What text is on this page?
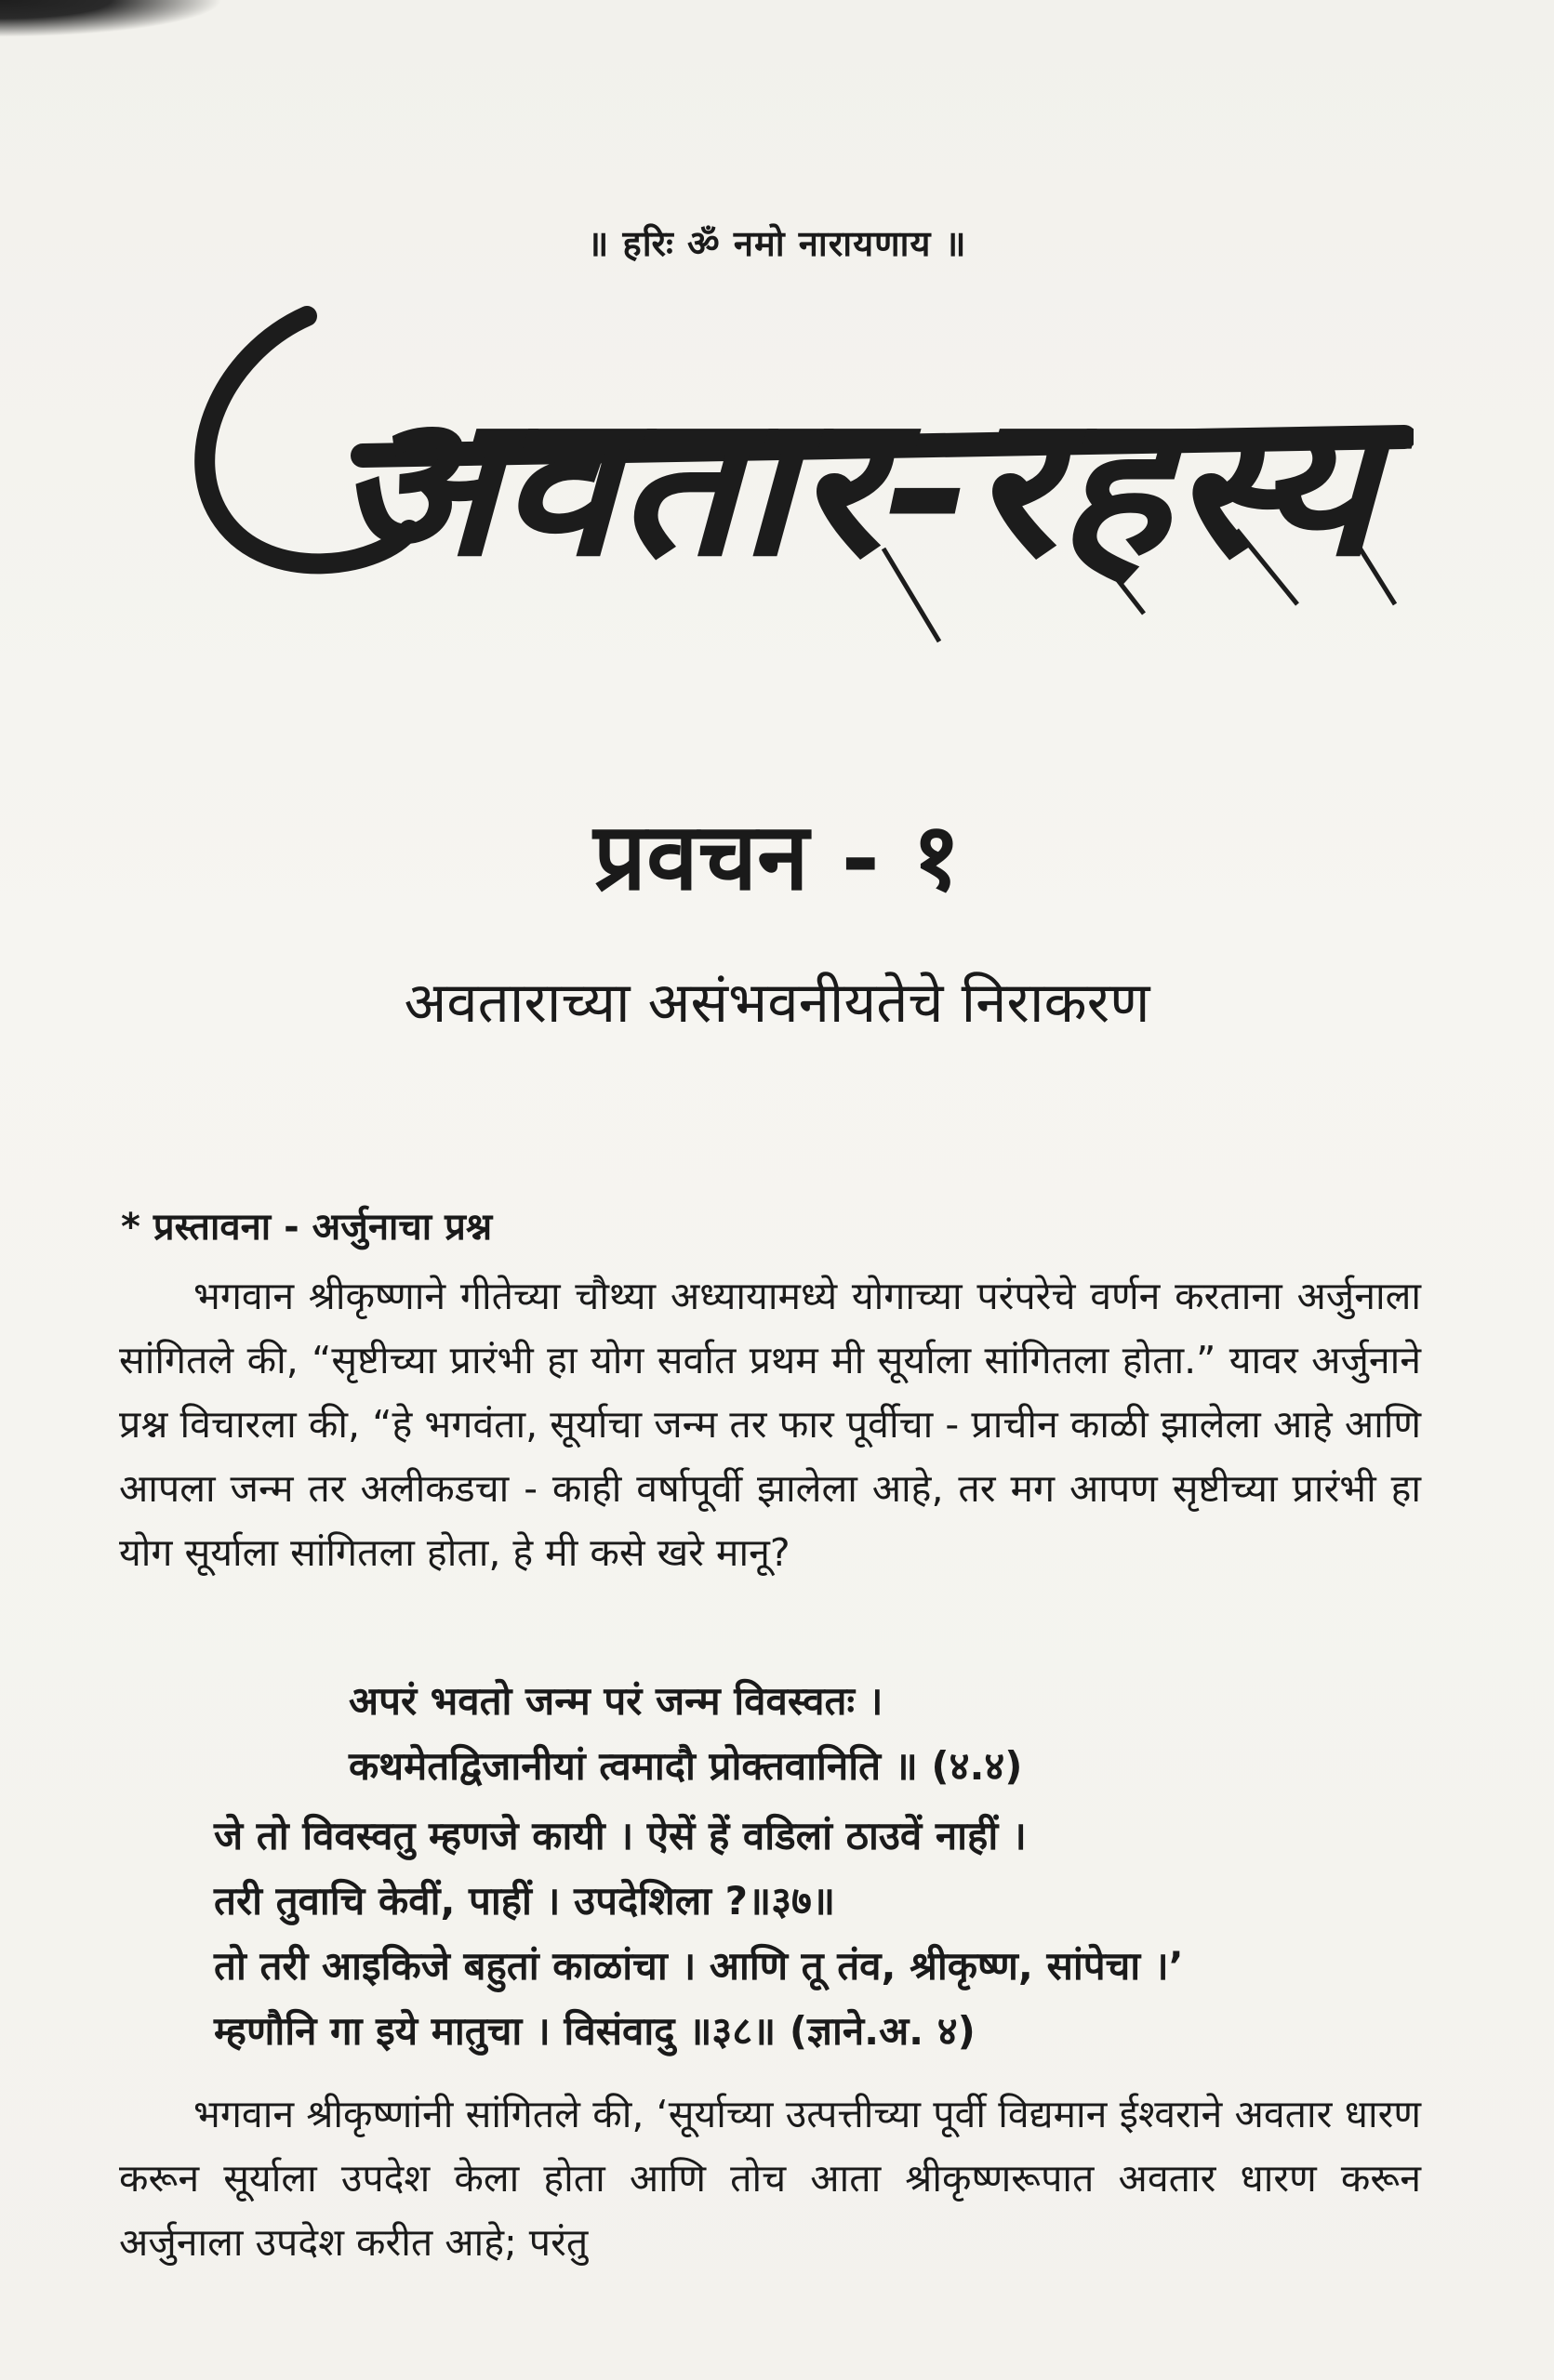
॥ हरिः ॐ नमो नारायणाय ॥
अवतार-रहस्य
प्रवचन - १
अवताराच्या असंभवनीयतेचे निराकरण
* प्रस्तावना - अर्जुनाचा प्रश्न
भगवान श्रीकृष्णाने गीतेच्या चौथ्या अध्यायामध्ये योगाच्या परंपरेचे वर्णन करताना अर्जुनाला सांगितले की, “सृष्टीच्या प्रारंभी हा योग सर्वात प्रथम मी सूर्याला सांगितला होता.” यावर अर्जुनाने प्रश्न विचारला की, “हे भगवंता, सूर्याचा जन्म तर फार पूर्वीचा - प्राचीन काळी झालेला आहे आणि आपला जन्म तर अलीकडचा - काही वर्षापूर्वी झालेला आहे, तर मग आपण सृष्टीच्या प्रारंभी हा योग सूर्याला सांगितला होता, हे मी कसे खरे मानू?
अपरं भवतो जन्म परं जन्म विवस्वतः ।
कथमेतद्विजानीयां त्वमादौ प्रोक्तवानिति ॥ (४.४)
जे तो विवस्वतु म्हणजे कायी । ऐसें हें वडिलां ठाउवें नाहीं ।
तरी तुवाचि केवीं, पाहीं । उपदेशिला ?॥३७॥
तो तरी आइकिजे बहुतां काळांचा । आणि तू तंव, श्रीकृष्ण, सांपेचा ।’
म्हणौनि गा इये मातुचा । विसंवादु ॥३८॥ (ज्ञाने.अ. ४)
भगवान श्रीकृष्णांनी सांगितले की, ‘सूर्याच्या उत्पत्तीच्या पूर्वी विद्यमान ईश्वराने अवतार धारण करून सूर्याला उपदेश केला होता आणि तोच आता श्रीकृष्णरूपात अवतार धारण करून अर्जुनाला उपदेश करीत आहे; परंतु
